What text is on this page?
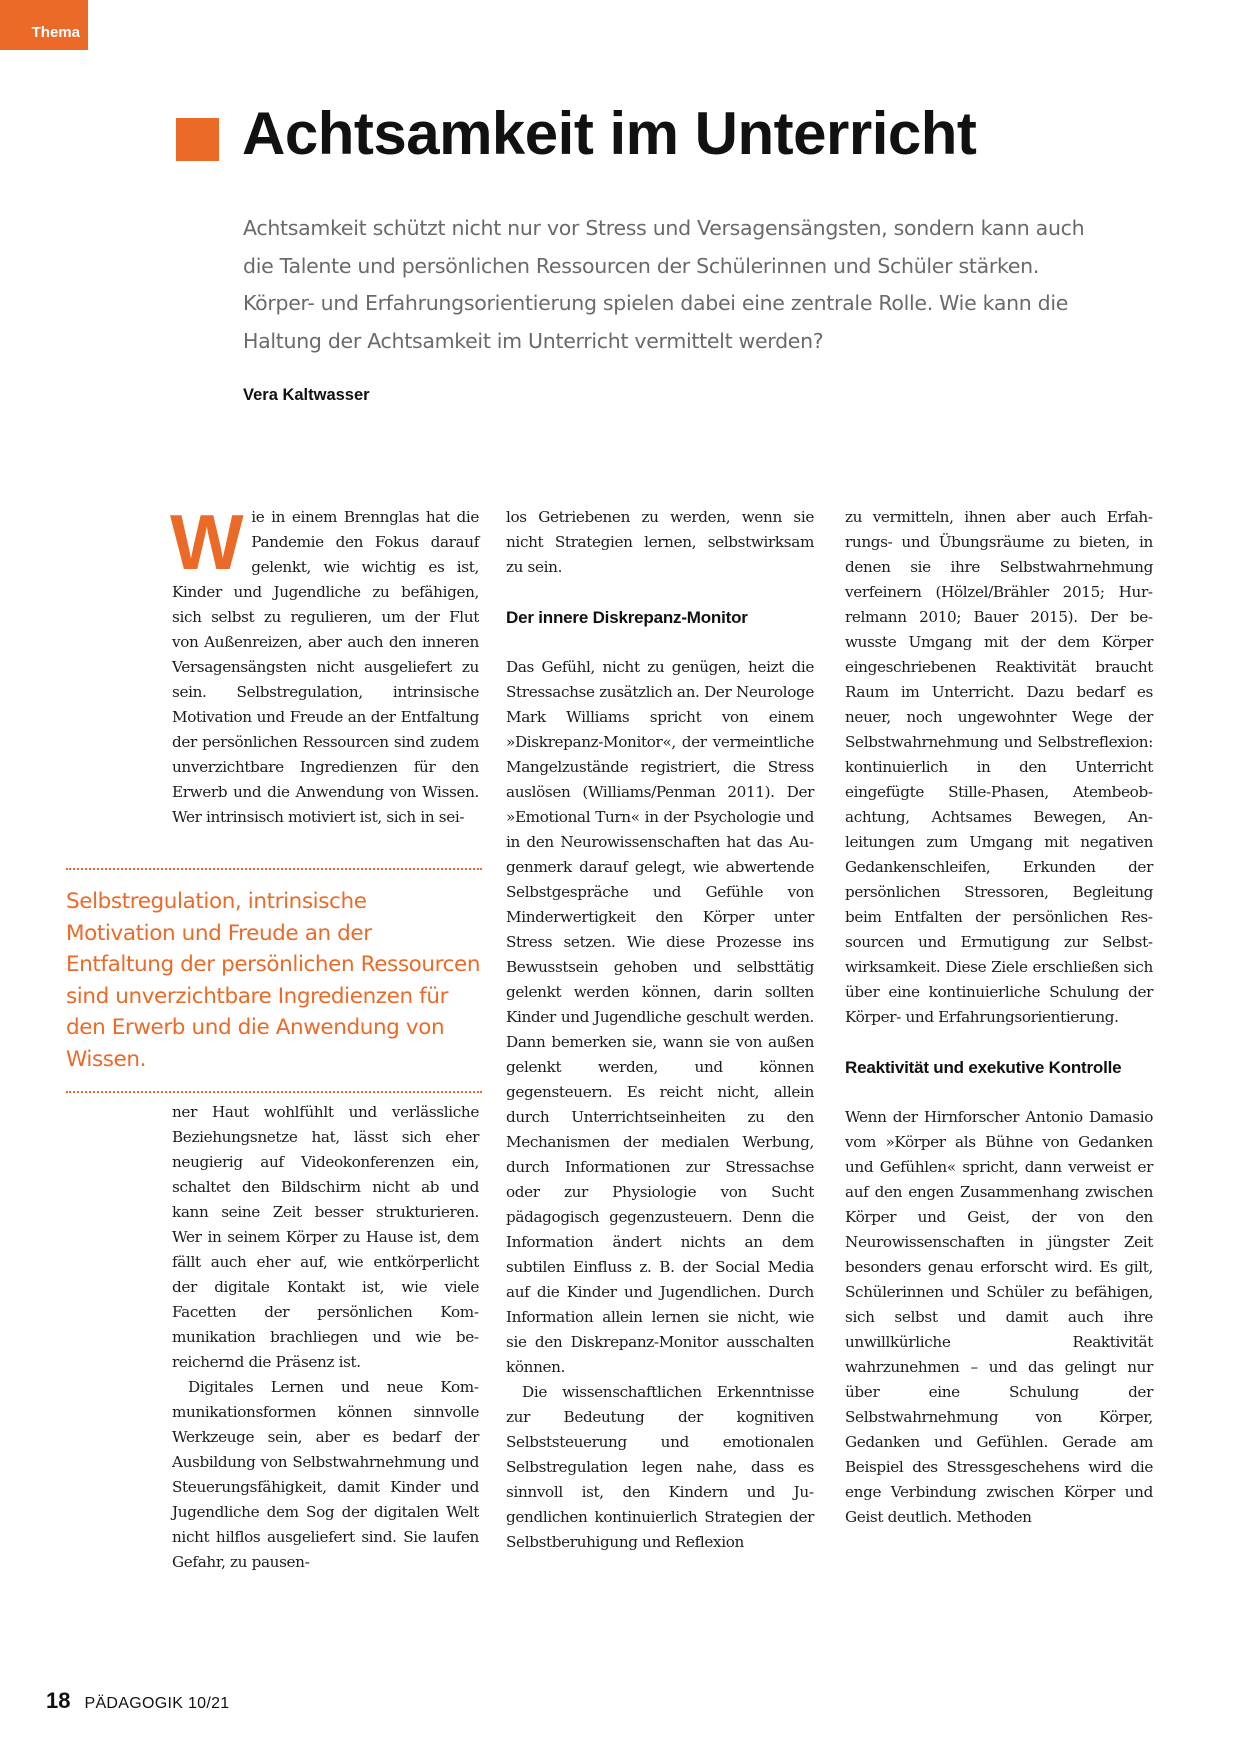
Thema
Achtsamkeit im Unterricht
Achtsamkeit schützt nicht nur vor Stress und Versagensängsten, sondern kann auch die Talente und persönlichen Ressourcen der Schülerinnen und Schüler stärken. Körper- und Erfahrungsorientierung spielen dabei eine zentrale Rolle. Wie kann die Haltung der Achtsamkeit im Unterricht vermittelt werden?
Vera Kaltwasser

Wie in einem Brennglas hat die Pandemie den Fokus darauf gelenkt, wie wichtig es ist, Kinder und Jugendliche zu befähigen, sich selbst zu regulieren, um der Flut von Außenreizen, aber auch den inneren Versagensängsten nicht ausgeliefert zu sein. Selbstregulation, intrinsische Motivation und Freude an der Entfaltung der persönlichen Ressourcen sind zudem unverzichtbare Ingredienzen für den Erwerb und die Anwendung von Wissen. Wer intrinsisch motiviert ist, sich in sei-

Selbstregulation, intrinsische Motivation und Freude an der Entfaltung der persönlichen Ressourcen sind unverzichtbare Ingredienzen für den Erwerb und die Anwendung von Wissen.

ner Haut wohlfühlt und verlässliche Beziehungsnetze hat, lässt sich eher neugierig auf Videokonferenzen ein, schaltet den Bildschirm nicht ab und kann seine Zeit besser strukturieren. Wer in seinem Körper zu Hause ist, dem fällt auch eher auf, wie entkörperlicht der digitale Kontakt ist, wie viele Facetten der persönlichen Kommunikation brachliegen und wie bereichernd die Präsenz ist.

Digitales Lernen und neue Kommunikationsformen können sinnvolle Werkzeuge sein, aber es bedarf der Ausbildung von Selbstwahrnehmung und Steuerungsfähigkeit, damit Kinder und Jugendliche dem Sog der digitalen Welt nicht hilflos ausgeliefert sind. Sie laufen Gefahr, zu pausen-

los Getriebenen zu werden, wenn sie nicht Strategien lernen, selbstwirksam zu sein.

Der innere Diskrepanz-Monitor

Das Gefühl, nicht zu genügen, heizt die Stressachse zusätzlich an. Der Neurologe Mark Williams spricht von einem »Diskrepanz-Monitor«, der vermeintliche Mangelzustände registriert, die Stress auslösen (Williams/Penman 2011). Der »Emotional Turn« in der Psychologie und in den Neurowissenschaften hat das Augenmerk darauf gelegt, wie abwertende Selbstgespräche und Gefühle von Minderwertigkeit den Körper unter Stress setzen. Wie diese Prozesse ins Bewusstsein gehoben und selbsttätig gelenkt werden können, darin sollten Kinder und Jugendliche geschult werden. Dann bemerken sie, wann sie von außen gelenkt werden, und können gegensteuern. Es reicht nicht, allein durch Unterrichtseinheiten zu den Mechanismen der medialen Werbung, durch Informationen zur Stressachse oder zur Physiologie von Sucht pädagogisch gegenzusteuern. Denn die Information ändert nichts an dem subtilen Einfluss z. B. der Social Media auf die Kinder und Jugendlichen. Durch Information allein lernen sie nicht, wie sie den Diskrepanz-Monitor ausschalten können.

Die wissenschaftlichen Erkenntnisse zur Bedeutung der kognitiven Selbststeuerung und emotionalen Selbstregulation legen nahe, dass es sinnvoll ist, den Kindern und Jugendlichen kontinuierlich Strategien der Selbstberuhigung und Reflexion

zu vermitteln, ihnen aber auch Erfahrungs- und Übungsräume zu bieten, in denen sie ihre Selbstwahrnehmung verfeinern (Hölzel/Brähler 2015; Hurrelmann 2010; Bauer 2015). Der bewusste Umgang mit der dem Körper eingeschriebenen Reaktivität braucht Raum im Unterricht. Dazu bedarf es neuer, noch ungewohnter Wege der Selbstwahrnehmung und Selbstreflexion: kontinuierlich in den Unterricht eingefügte Stille-Phasen, Atembeobachtung, Achtsames Bewegen, Anleitungen zum Umgang mit negativen Gedankenschleifen, Erkunden der persönlichen Stressoren, Begleitung beim Entfalten der persönlichen Ressourcen und Ermutigung zur Selbstwirksamkeit. Diese Ziele erschließen sich über eine kontinuierliche Schulung der Körper- und Erfahrungsorientierung.

Reaktivität und exekutive Kontrolle

Wenn der Hirnforscher Antonio Damasio vom »Körper als Bühne von Gedanken und Gefühlen« spricht, dann verweist er auf den engen Zusammenhang zwischen Körper und Geist, der von den Neurowissenschaften in jüngster Zeit besonders genau erforscht wird. Es gilt, Schülerinnen und Schüler zu befähigen, sich selbst und damit auch ihre unwillkürliche Reaktivität wahrzunehmen – und das gelingt nur über eine Schulung der Selbstwahrnehmung von Körper, Gedanken und Gefühlen. Gerade am Beispiel des Stressgeschehens wird die enge Verbindung zwischen Körper und Geist deutlich. Methoden

18 PÄDAGOGIK 10/21
